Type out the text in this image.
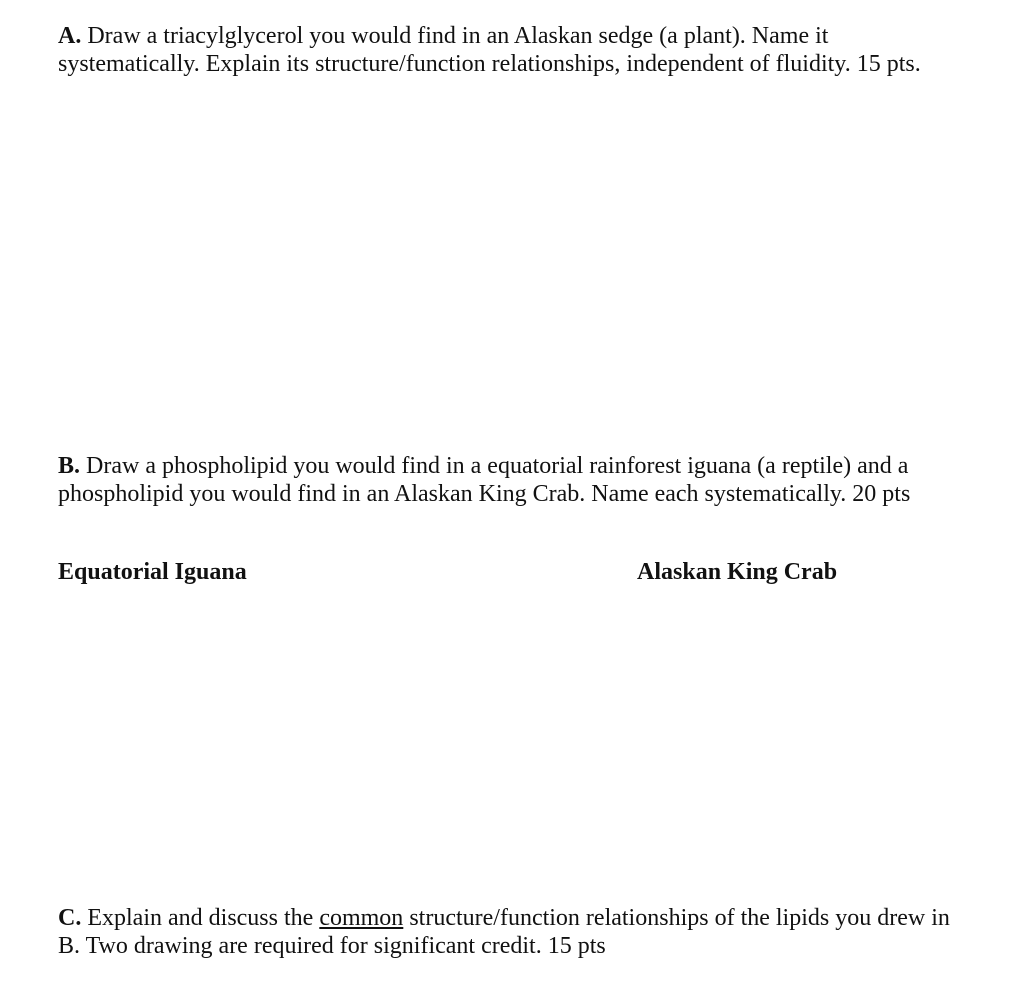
A. Draw a triacylglycerol you would find in an Alaskan sedge (a plant). Name it systematically. Explain its structure/function relationships, independent of fluidity. 15 pts.

B. Draw a phospholipid you would find in a equatorial rainforest iguana (a reptile) and a phospholipid you would find in an Alaskan King Crab. Name each systematically. 20 pts

Equatorial Iguana	Alaskan King Crab

C. Explain and discuss the common structure/function relationships of the lipids you drew in B. Two drawing are required for significant credit. 15 pts
